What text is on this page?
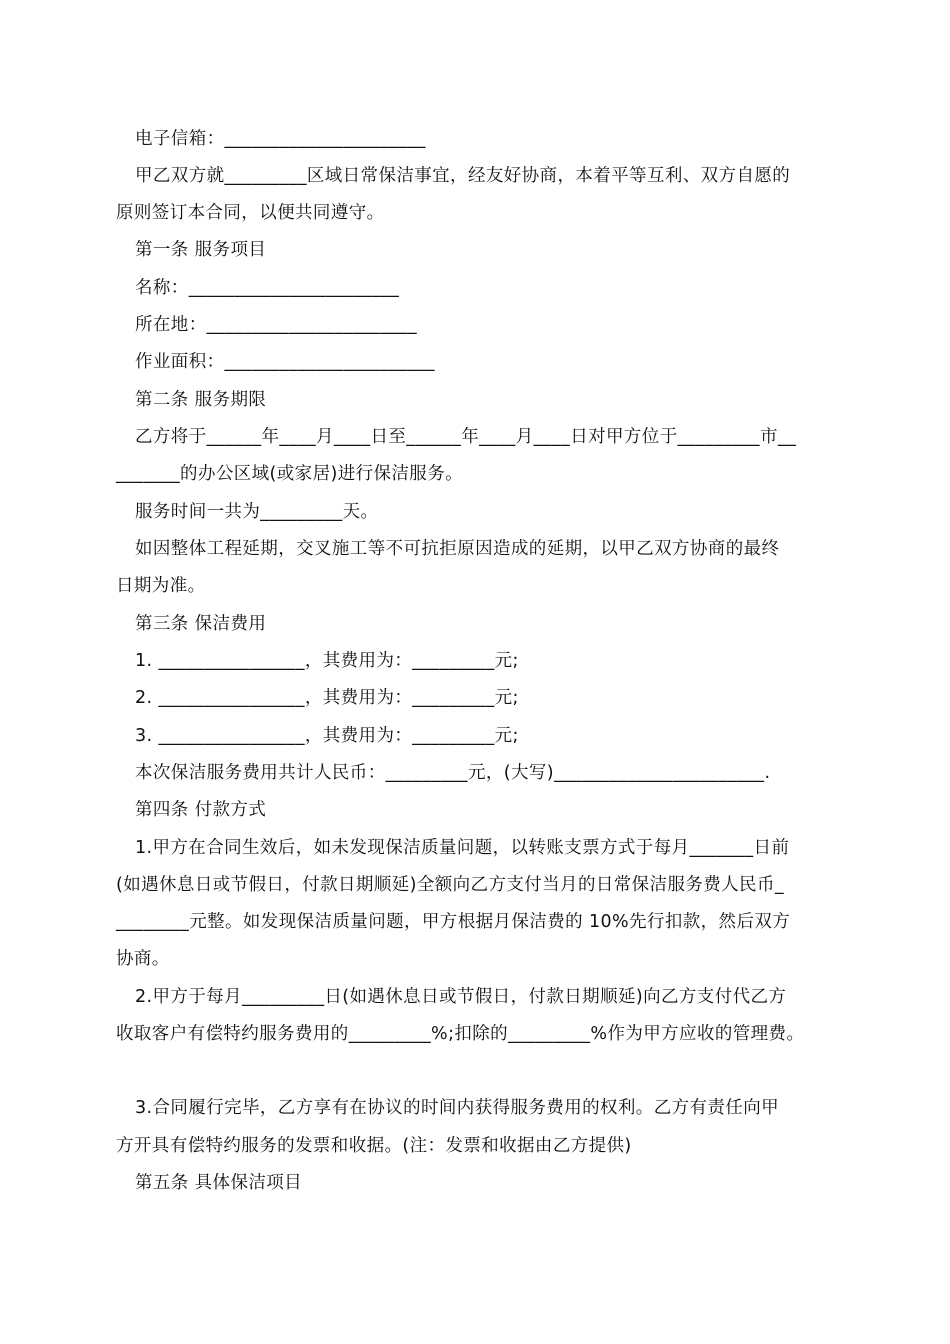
电子信箱：______________________
甲乙双方就_________区域日常保洁事宜，经友好协商，本着平等互利、双方自愿的
原则签订本合同，以便共同遵守。
第一条 服务项目
名称：_______________________
所在地：_______________________
作业面积：_______________________
第二条 服务期限
乙方将于______年____月____日至______年____月____日对甲方位于_________市__
_______的办公区域(或家居)进行保洁服务。
服务时间一共为_________天。
如因整体工程延期，交叉施工等不可抗拒原因造成的延期，以甲乙双方协商的最终
日期为准。
第三条 保洁费用
1. ________________，其费用为：_________元;
2. ________________，其费用为：_________元;
3. ________________，其费用为：_________元;
本次保洁服务费用共计人民币：_________元，(大写)_______________________.
第四条 付款方式
1.甲方在合同生效后，如未发现保洁质量问题，以转账支票方式于每月_______日前
(如遇休息日或节假日，付款日期顺延)全额向乙方支付当月的日常保洁服务费人民币_
________元整。如发现保洁质量问题，甲方根据月保洁费的 10%先行扣款，然后双方
协商。
2.甲方于每月_________日(如遇休息日或节假日，付款日期顺延)向乙方支付代乙方
收取客户有偿特约服务费用的_________%;扣除的_________%作为甲方应收的管理费。
3.合同履行完毕，乙方享有在协议的时间内获得服务费用的权利。乙方有责任向甲
方开具有偿特约服务的发票和收据。(注：发票和收据由乙方提供)
第五条 具体保洁项目
